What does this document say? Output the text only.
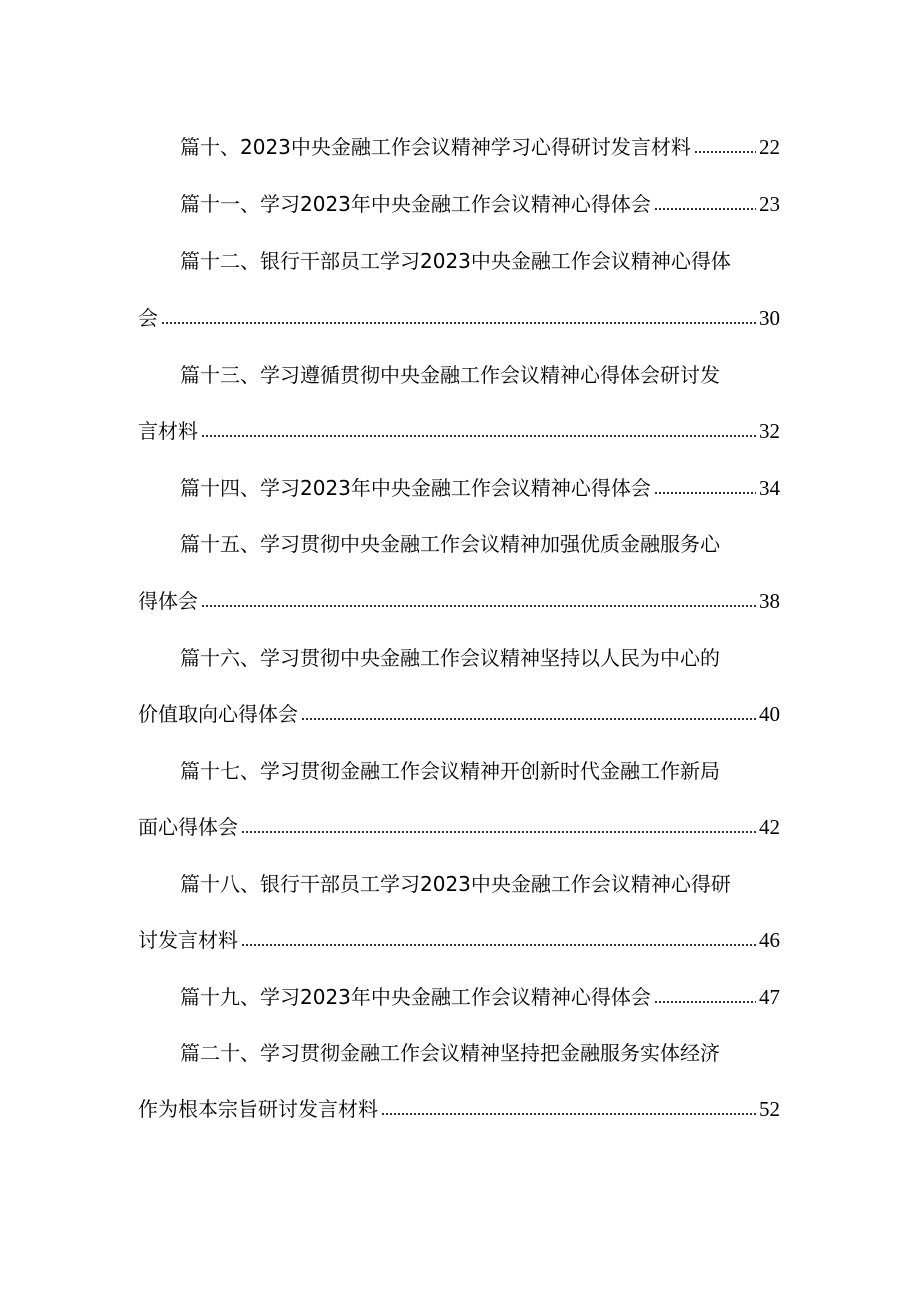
篇十、2023中央金融工作会议精神学习心得研讨发言材料	22
篇十一、学习2023年中央金融工作会议精神心得体会	23
篇十二、银行干部员工学习2023中央金融工作会议精神心得体
会	30
篇十三、学习遵循贯彻中央金融工作会议精神心得体会研讨发
言材料	32
篇十四、学习2023年中央金融工作会议精神心得体会	34
篇十五、学习贯彻中央金融工作会议精神加强优质金融服务心
得体会	38
篇十六、学习贯彻中央金融工作会议精神坚持以人民为中心的
价值取向心得体会	40
篇十七、学习贯彻金融工作会议精神开创新时代金融工作新局
面心得体会	42
篇十八、银行干部员工学习2023中央金融工作会议精神心得研
讨发言材料	46
篇十九、学习2023年中央金融工作会议精神心得体会	47
篇二十、学习贯彻金融工作会议精神坚持把金融服务实体经济
作为根本宗旨研讨发言材料	52
